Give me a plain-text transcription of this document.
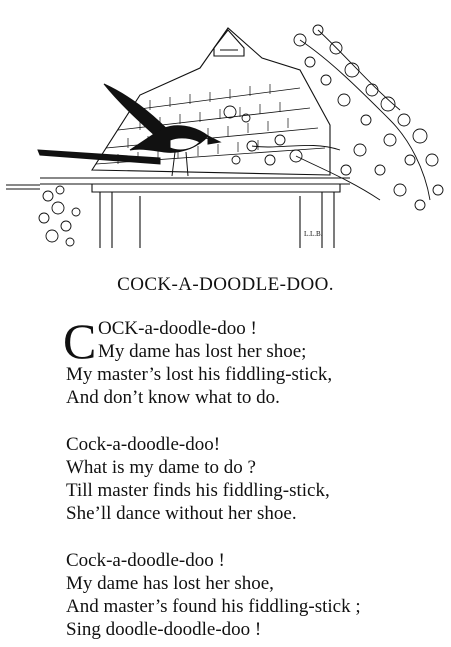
L.L.B.
COCK-A-DOODLE-DOO.
C OCK-a-doodle-doo !
My dame has lost her shoe;
My master’s lost his fiddling-stick,
And don’t know what to do.
Cock-a-doodle-doo!
What is my dame to do ?
Till master finds his fiddling-stick,
She’ll dance without her shoe.
Cock-a-doodle-doo !
My dame has lost her shoe,
And master’s found his fiddling-stick ;
Sing doodle-doodle-doo !
